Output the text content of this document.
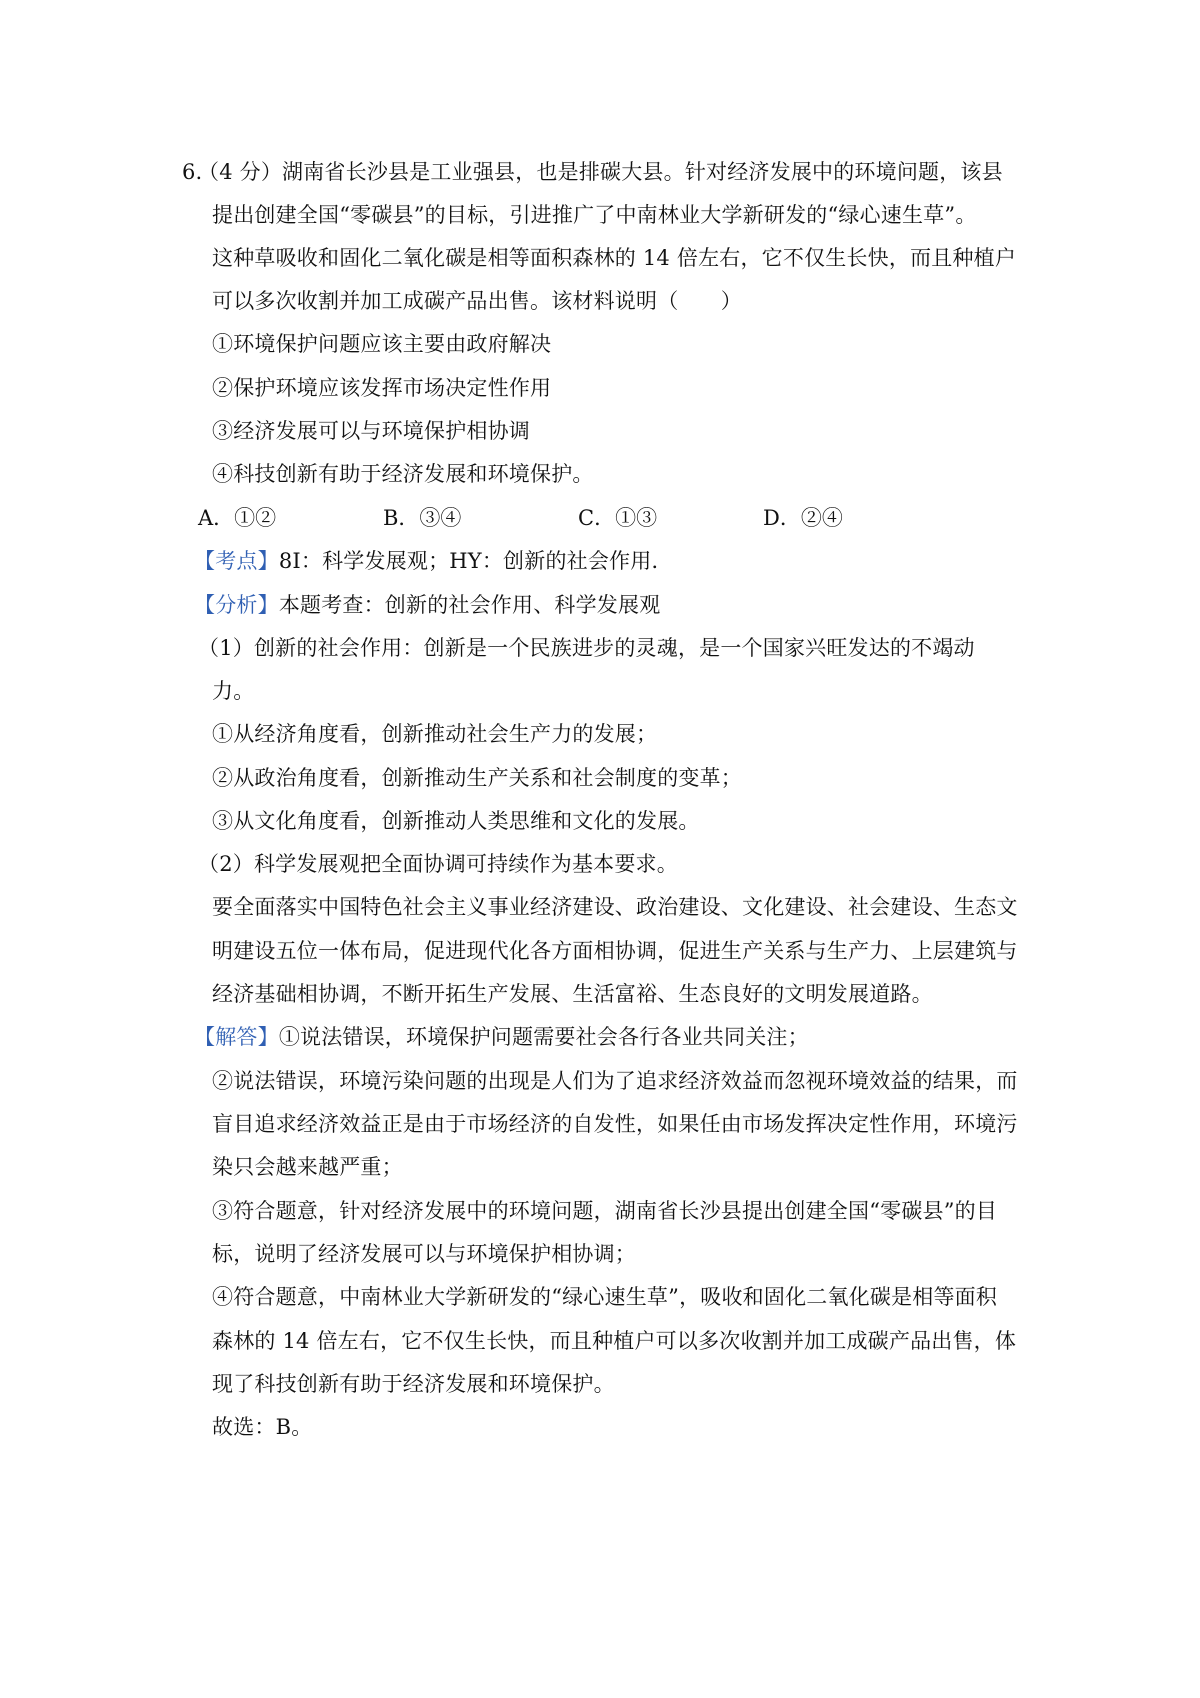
6.
（4 分）湖南省长沙县是工业强县，也是排碳大县。针对经济发展中的环境问题，该县
提出创建全国“零碳县”的目标，引进推广了中南林业大学新研发的“绿心速生草”。
这种草吸收和固化二氧化碳是相等面积森林的 14 倍左右，它不仅生长快，而且种植户
可以多次收割并加工成碳产品出售。该材料说明（　　）
①环境保护问题应该主要由政府解决
②保护环境应该发挥市场决定性作用
③经济发展可以与环境保护相协调
④科技创新有助于经济发展和环境保护。
A．①②	B．③④	C．①③	D．②④
【考点】8I：科学发展观；HY：创新的社会作用．
【分析】本题考查：创新的社会作用、科学发展观
（1）创新的社会作用：创新是一个民族进步的灵魂，是一个国家兴旺发达的不竭动
力。
①从经济角度看，创新推动社会生产力的发展；
②从政治角度看，创新推动生产关系和社会制度的变革；
③从文化角度看，创新推动人类思维和文化的发展。
（2）科学发展观把全面协调可持续作为基本要求。
要全面落实中国特色社会主义事业经济建设、政治建设、文化建设、社会建设、生态文
明建设五位一体布局，促进现代化各方面相协调，促进生产关系与生产力、上层建筑与
经济基础相协调，不断开拓生产发展、生活富裕、生态良好的文明发展道路。
【解答】①说法错误，环境保护问题需要社会各行各业共同关注；
②说法错误，环境污染问题的出现是人们为了追求经济效益而忽视环境效益的结果，而
盲目追求经济效益正是由于市场经济的自发性，如果任由市场发挥决定性作用，环境污
染只会越来越严重；
③符合题意，针对经济发展中的环境问题，湖南省长沙县提出创建全国“零碳县”的目
标，说明了经济发展可以与环境保护相协调；
④符合题意，中南林业大学新研发的“绿心速生草”，吸收和固化二氧化碳是相等面积
森林的 14 倍左右，它不仅生长快，而且种植户可以多次收割并加工成碳产品出售，体
现了科技创新有助于经济发展和环境保护。
故选：B。
